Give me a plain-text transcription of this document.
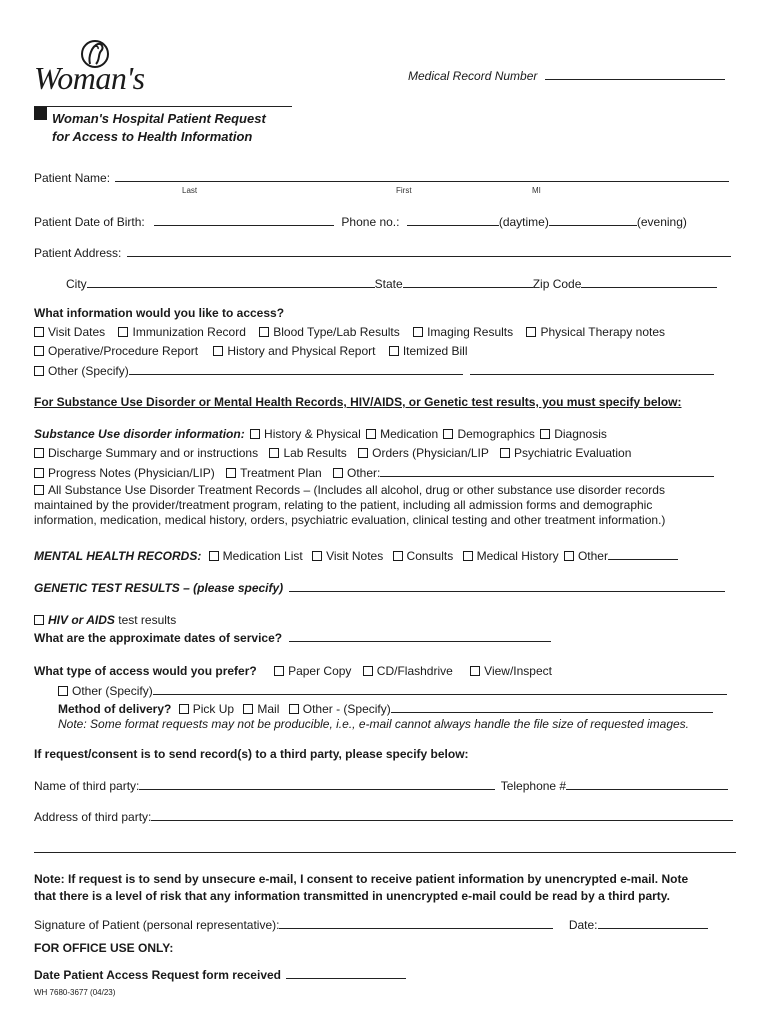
Woman's	Medical Record Number
Woman's Hospital Patient Request
for Access to Health Information
Patient Name:
Last	First	MI
Patient Date of Birth:	Phone no.:	(daytime)	(evening)
Patient Address:
City	State	Zip Code
What information would you like to access?
Visit Dates Immunization Record Blood Type/Lab Results Imaging Results Physical Therapy notes
Operative/Procedure Report History and Physical Report Itemized Bill
Other (Specify)
For Substance Use Disorder or Mental Health Records, HIV/AIDS, or Genetic test results, you must specify below:
Substance Use disorder information: History & Physical Medication Demographics Diagnosis
Discharge Summary and or instructions Lab Results Orders (Physician/LIP Psychiatric Evaluation
Progress Notes (Physician/LIP) Treatment Plan Other:
All Substance Use Disorder Treatment Records – (Includes all alcohol, drug or other substance use disorder records
maintained by the provider/treatment program, relating to the patient, including all admission forms and demographic
information, medication, medical history, orders, psychiatric evaluation, clinical testing and other treatment information.)
MENTAL HEALTH RECORDS: Medication List Visit Notes Consults Medical History Other
GENETIC TEST RESULTS – (please specify)
HIV or AIDS test results
What are the approximate dates of service?
What type of access would you prefer?	Paper Copy CD/Flashdrive	View/Inspect
Other (Specify)
Method of delivery? Pick Up Mail Other - (Specify)
Note: Some format requests may not be producible, i.e., e-mail cannot always handle the file size of requested images.
If request/consent is to send record(s) to a third party, please specify below:
Name of third party:	Telephone #
Address of third party:
Note: If request is to send by unsecure e-mail, I consent to receive patient information by unencrypted e-mail. Note
that there is a level of risk that any information transmitted in unencrypted e-mail could be read by a third party.
Signature of Patient (personal representative):	Date:
FOR OFFICE USE ONLY:
Date Patient Access Request form received
WH 7680-3677 (04/23)
